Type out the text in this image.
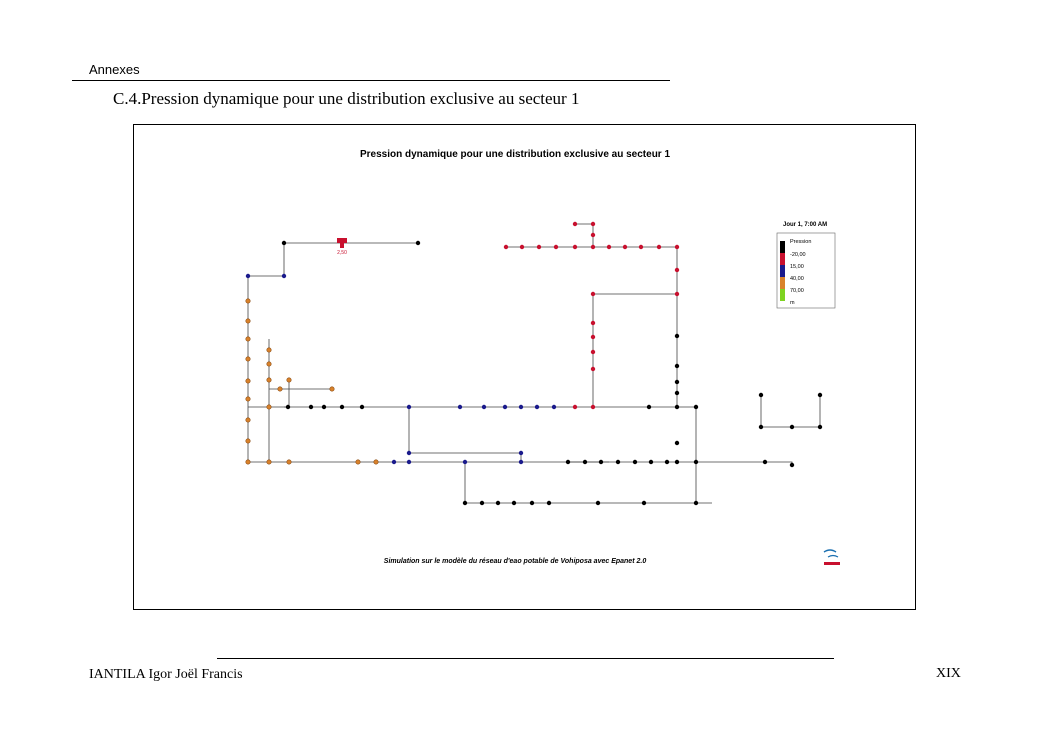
Annexes
C.4.Pression dynamique pour une distribution exclusive au secteur 1
Pression dynamique pour une distribution exclusive au secteur 1
2,50
Jour 1, 7:00 AM
Pression
-20,00
15,00
40,00
70,00
m
Simulation sur le modèle du réseau d'eao potable de Vohiposa avec Epanet 2.0
IANTILA Igor Joël Francis	XIX
